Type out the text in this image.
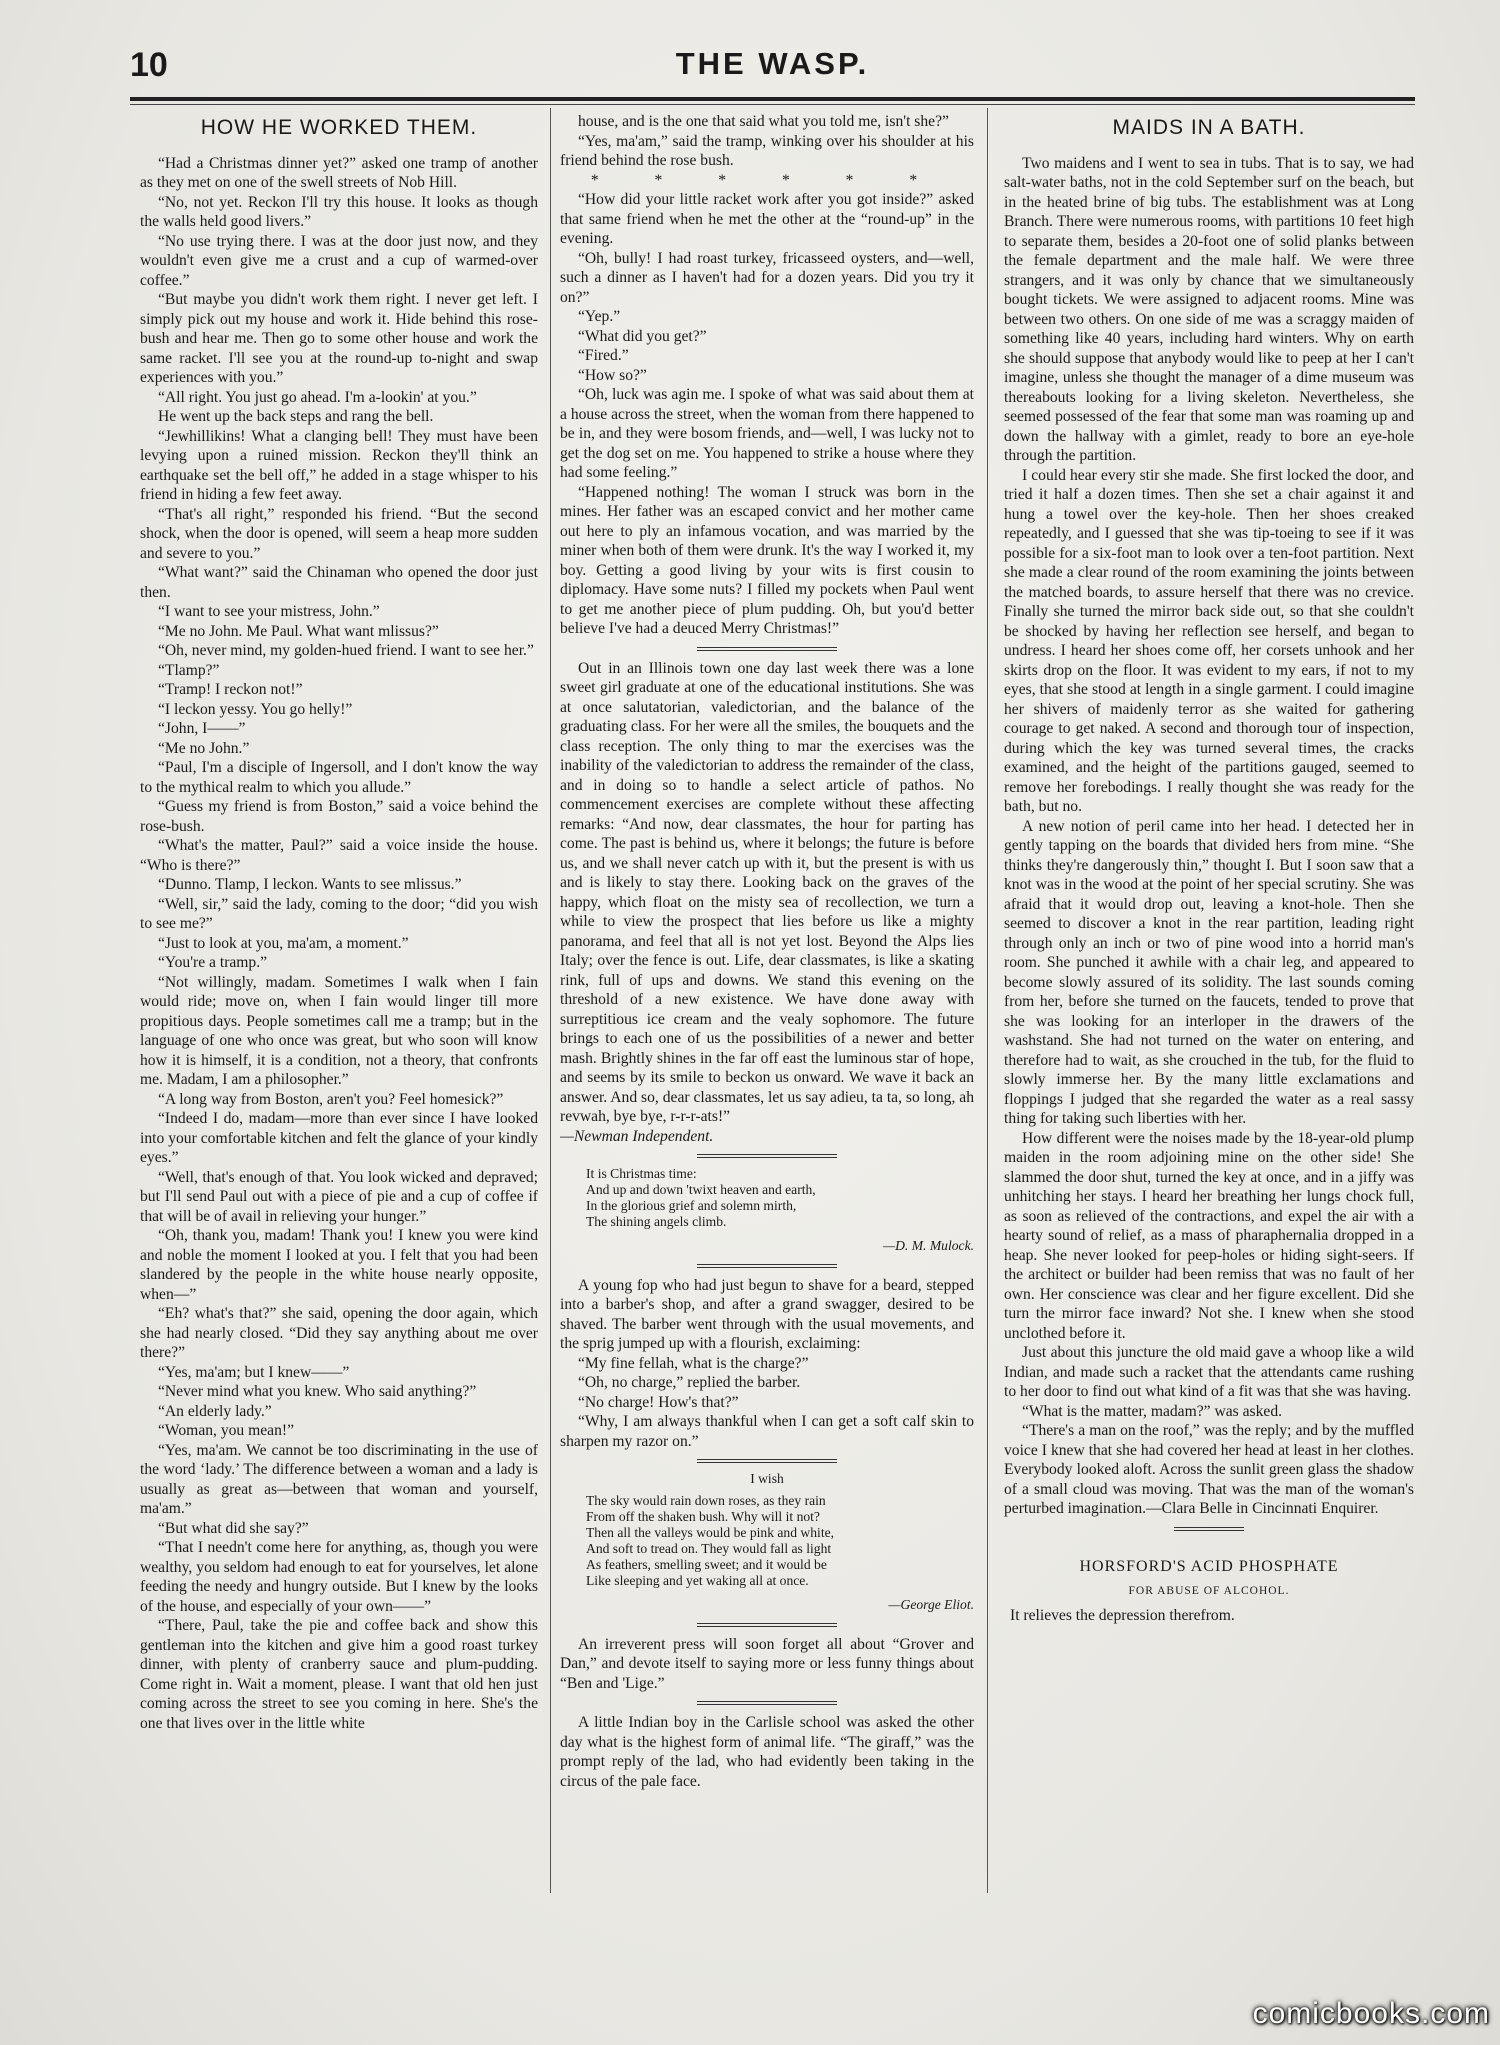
10	THE WASP.
HOW HE WORKED THEM.

“Had a Christmas dinner yet?” asked one tramp of another as they met on one of the swell streets of Nob Hill.

“No, not yet. Reckon I'll try this house. It looks as though the walls held good livers.”

“No use trying there. I was at the door just now, and they wouldn't even give me a crust and a cup of warmed-over coffee.”

“But maybe you didn't work them right. I never get left. I simply pick out my house and work it. Hide behind this rose-bush and hear me. Then go to some other house and work the same racket. I'll see you at the round-up to-night and swap experiences with you.”

“All right. You just go ahead. I'm a-lookin' at you.”

He went up the back steps and rang the bell.

“Jewhillikins! What a clanging bell! They must have been levying upon a ruined mission. Reckon they'll think an earthquake set the bell off,” he added in a stage whisper to his friend in hiding a few feet away.

“That's all right,” responded his friend. “But the second shock, when the door is opened, will seem a heap more sudden and severe to you.”

“What want?” said the Chinaman who opened the door just then.

“I want to see your mistress, John.”

“Me no John. Me Paul. What want mlissus?”

“Oh, never mind, my golden-hued friend. I want to see her.”

“Tlamp?”

“Tramp! I reckon not!”

“I leckon yessy. You go helly!”

“John, I——”

“Me no John.”

“Paul, I'm a disciple of Ingersoll, and I don't know the way to the mythical realm to which you allude.”

“Guess my friend is from Boston,” said a voice behind the rose-bush.

“What's the matter, Paul?” said a voice inside the house. “Who is there?”

“Dunno. Tlamp, I leckon. Wants to see mlissus.”

“Well, sir,” said the lady, coming to the door; “did you wish to see me?”

“Just to look at you, ma'am, a moment.”

“You're a tramp.”

“Not willingly, madam. Sometimes I walk when I fain would ride; move on, when I fain would linger till more propitious days. People sometimes call me a tramp; but in the language of one who once was great, but who soon will know how it is himself, it is a condition, not a theory, that confronts me. Madam, I am a philosopher.”

“A long way from Boston, aren't you? Feel homesick?”

“Indeed I do, madam—more than ever since I have looked into your comfortable kitchen and felt the glance of your kindly eyes.”

“Well, that's enough of that. You look wicked and depraved; but I'll send Paul out with a piece of pie and a cup of coffee if that will be of avail in relieving your hunger.”

“Oh, thank you, madam! Thank you! I knew you were kind and noble the moment I looked at you. I felt that you had been slandered by the people in the white house nearly opposite, when—”

“Eh? what's that?” she said, opening the door again, which she had nearly closed. “Did they say anything about me over there?”

“Yes, ma'am; but I knew——”

“Never mind what you knew. Who said anything?”

“An elderly lady.”

“Woman, you mean!”

“Yes, ma'am. We cannot be too discriminating in the use of the word ‘lady.’ The difference between a woman and a lady is usually as great as—between that woman and yourself, ma'am.”

“But what did she say?”

“That I needn't come here for anything, as, though you were wealthy, you seldom had enough to eat for yourselves, let alone feeding the needy and hungry outside. But I knew by the looks of the house, and especially of your own——”

“There, Paul, take the pie and coffee back and show this gentleman into the kitchen and give him a good roast turkey dinner, with plenty of cranberry sauce and plum-pudding. Come right in. Wait a moment, please. I want that old hen just coming across the street to see you coming in here. She's the one that lives over in the little white

house, and is the one that said what you told me, isn't she?”

“Yes, ma'am,” said the tramp, winking over his shoulder at his friend behind the rose bush.

* * * * * *

“How did your little racket work after you got inside?” asked that same friend when he met the other at the “round-up” in the evening.

“Oh, bully! I had roast turkey, fricasseed oysters, and—well, such a dinner as I haven't had for a dozen years. Did you try it on?”

“Yep.”

“What did you get?”

“Fired.”

“How so?”

“Oh, luck was agin me. I spoke of what was said about them at a house across the street, when the woman from there happened to be in, and they were bosom friends, and—well, I was lucky not to get the dog set on me. You happened to strike a house where they had some feeling.”

“Happened nothing! The woman I struck was born in the mines. Her father was an escaped convict and her mother came out here to ply an infamous vocation, and was married by the miner when both of them were drunk. It's the way I worked it, my boy. Getting a good living by your wits is first cousin to diplomacy. Have some nuts? I filled my pockets when Paul went to get me another piece of plum pudding. Oh, but you'd better believe I've had a deuced Merry Christmas!”

Out in an Illinois town one day last week there was a lone sweet girl graduate at one of the educational institutions. She was at once salutatorian, valedictorian, and the balance of the graduating class. For her were all the smiles, the bouquets and the class reception. The only thing to mar the exercises was the inability of the valedictorian to address the remainder of the class, and in doing so to handle a select article of pathos. No commencement exercises are complete without these affecting remarks: “And now, dear classmates, the hour for parting has come. The past is behind us, where it belongs; the future is before us, and we shall never catch up with it, but the present is with us and is likely to stay there. Looking back on the graves of the happy, which float on the misty sea of recollection, we turn a while to view the prospect that lies before us like a mighty panorama, and feel that all is not yet lost. Beyond the Alps lies Italy; over the fence is out. Life, dear classmates, is like a skating rink, full of ups and downs. We stand this evening on the threshold of a new existence. We have done away with surreptitious ice cream and the vealy sophomore. The future brings to each one of us the possibilities of a newer and better mash. Brightly shines in the far off east the luminous star of hope, and seems by its smile to beckon us onward. We wave it back an answer. And so, dear classmates, let us say adieu, ta ta, so long, ah revwah, bye bye, r-r-r-ats!”

—Newman Independent.

It is Christmas time:
And up and down 'twixt heaven and earth,
In the glorious grief and solemn mirth,
The shining angels climb.
—D. M. Mulock.

A young fop who had just begun to shave for a beard, stepped into a barber's shop, and after a grand swagger, desired to be shaved. The barber went through with the usual movements, and the sprig jumped up with a flourish, exclaiming:

“My fine fellah, what is the charge?”

“Oh, no charge,” replied the barber.

“No charge! How's that?”

“Why, I am always thankful when I can get a soft calf skin to sharpen my razor on.”

I wish
The sky would rain down roses, as they rain
From off the shaken bush. Why will it not?
Then all the valleys would be pink and white,
And soft to tread on. They would fall as light
As feathers, smelling sweet; and it would be
Like sleeping and yet waking all at once.
—George Eliot.

An irreverent press will soon forget all about “Grover and Dan,” and devote itself to saying more or less funny things about “Ben and 'Lige.”

A little Indian boy in the Carlisle school was asked the other day what is the highest form of animal life. “The giraff,” was the prompt reply of the lad, who had evidently been taking in the circus of the pale face.

MAIDS IN A BATH.

Two maidens and I went to sea in tubs. That is to say, we had salt-water baths, not in the cold September surf on the beach, but in the heated brine of big tubs. The establishment was at Long Branch. There were numerous rooms, with partitions 10 feet high to separate them, besides a 20-foot one of solid planks between the female department and the male half. We were three strangers, and it was only by chance that we simultaneously bought tickets. We were assigned to adjacent rooms. Mine was between two others. On one side of me was a scraggy maiden of something like 40 years, including hard winters. Why on earth she should suppose that anybody would like to peep at her I can't imagine, unless she thought the manager of a dime museum was thereabouts looking for a living skeleton. Nevertheless, she seemed possessed of the fear that some man was roaming up and down the hallway with a gimlet, ready to bore an eye-hole through the partition.

I could hear every stir she made. She first locked the door, and tried it half a dozen times. Then she set a chair against it and hung a towel over the key-hole. Then her shoes creaked repeatedly, and I guessed that she was tip-toeing to see if it was possible for a six-foot man to look over a ten-foot partition. Next she made a clear round of the room examining the joints between the matched boards, to assure herself that there was no crevice. Finally she turned the mirror back side out, so that she couldn't be shocked by having her reflection see herself, and began to undress. I heard her shoes come off, her corsets unhook and her skirts drop on the floor. It was evident to my ears, if not to my eyes, that she stood at length in a single garment. I could imagine her shivers of maidenly terror as she waited for gathering courage to get naked. A second and thorough tour of inspection, during which the key was turned several times, the cracks examined, and the height of the partitions gauged, seemed to remove her forebodings. I really thought she was ready for the bath, but no.

A new notion of peril came into her head. I detected her in gently tapping on the boards that divided hers from mine. “She thinks they're dangerously thin,” thought I. But I soon saw that a knot was in the wood at the point of her special scrutiny. She was afraid that it would drop out, leaving a knot-hole. Then she seemed to discover a knot in the rear partition, leading right through only an inch or two of pine wood into a horrid man's room. She punched it awhile with a chair leg, and appeared to become slowly assured of its solidity. The last sounds coming from her, before she turned on the faucets, tended to prove that she was looking for an interloper in the drawers of the washstand. She had not turned on the water on entering, and therefore had to wait, as she crouched in the tub, for the fluid to slowly immerse her. By the many little exclamations and floppings I judged that she regarded the water as a real sassy thing for taking such liberties with her.

How different were the noises made by the 18-year-old plump maiden in the room adjoining mine on the other side! She slammed the door shut, turned the key at once, and in a jiffy was unhitching her stays. I heard her breathing her lungs chock full, as soon as relieved of the contractions, and expel the air with a hearty sound of relief, as a mass of pharaphernalia dropped in a heap. She never looked for peep-holes or hiding sight-seers. If the architect or builder had been remiss that was no fault of her own. Her conscience was clear and her figure excellent. Did she turn the mirror face inward? Not she. I knew when she stood unclothed before it.

Just about this juncture the old maid gave a whoop like a wild Indian, and made such a racket that the attendants came rushing to her door to find out what kind of a fit was that she was having.

“What is the matter, madam?” was asked.

“There's a man on the roof,” was the reply; and by the muffled voice I knew that she had covered her head at least in her clothes. Everybody looked aloft. Across the sunlit green glass the shadow of a small cloud was moving. That was the man of the woman's perturbed imagination.—Clara Belle in Cincinnati Enquirer.

HORSFORD'S ACID PHOSPHATE
FOR ABUSE OF ALCOHOL.
It relieves the depression therefrom.
comicbooks.com
